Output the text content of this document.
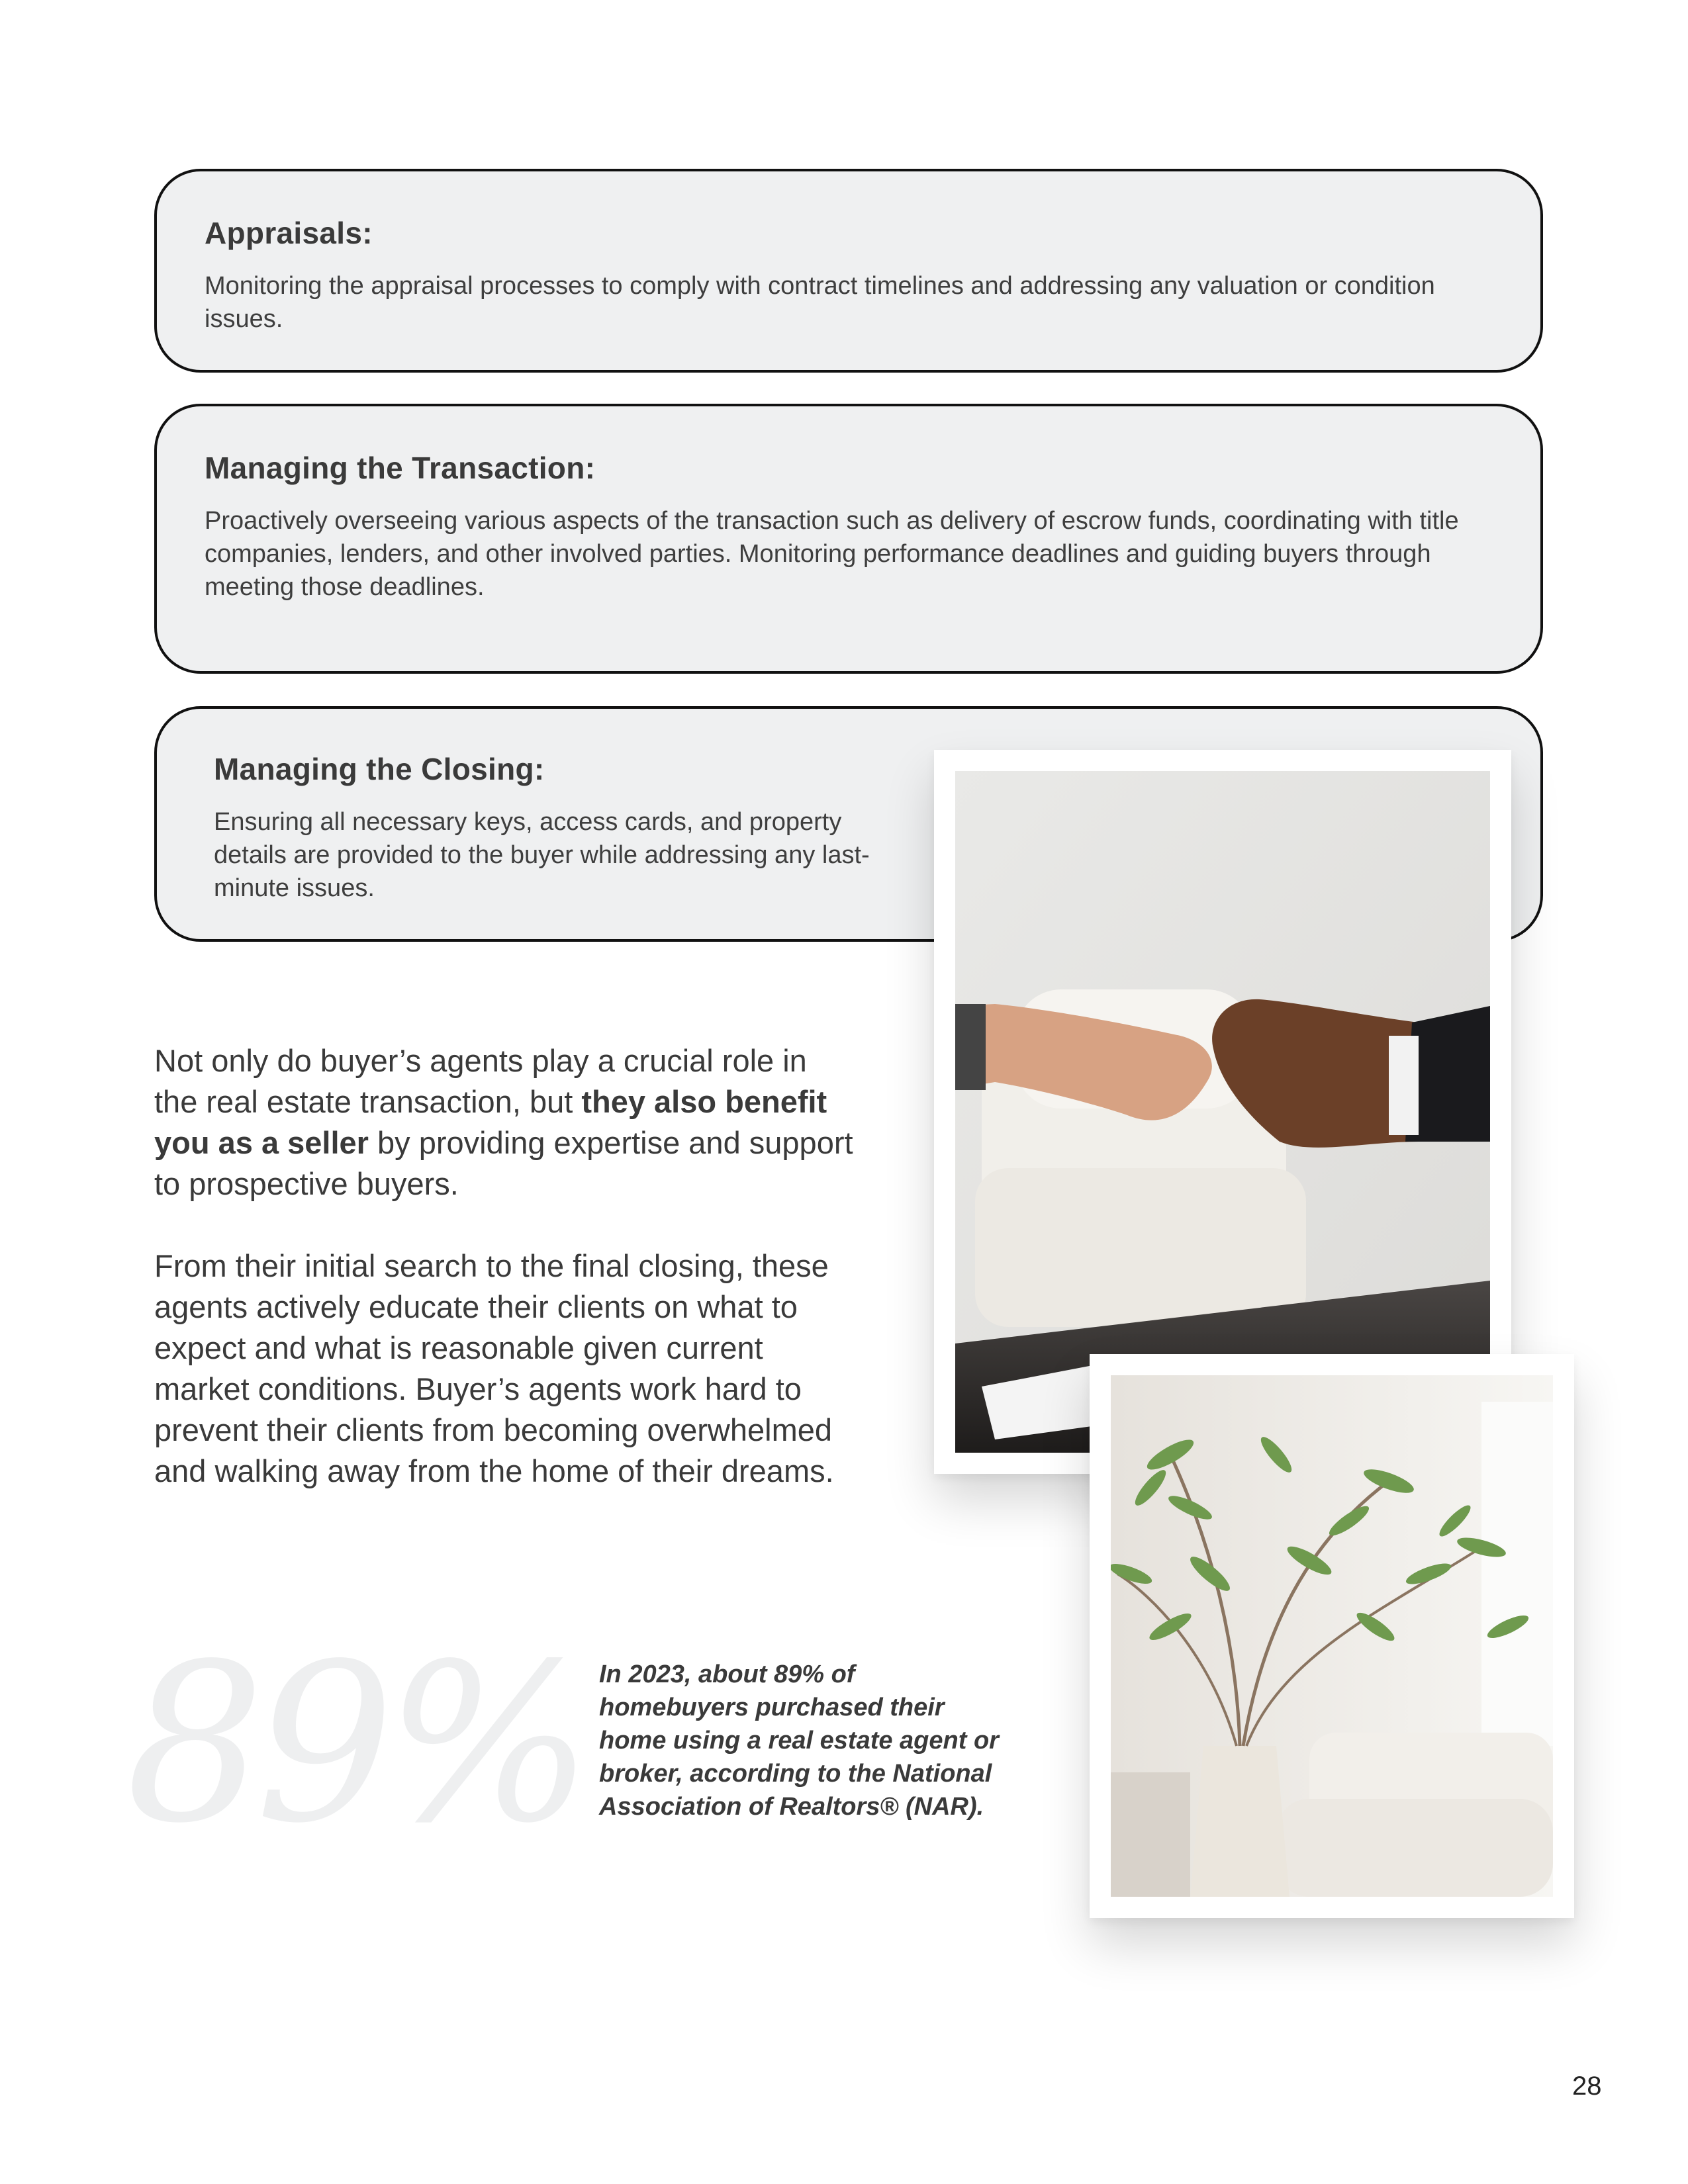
Appraisals:

Monitoring the appraisal processes to comply with contract timelines and addressing any valuation or condition issues.

Managing the Transaction:

Proactively overseeing various aspects of the transaction such as delivery of escrow funds, coordinating with title companies, lenders, and other involved parties. Monitoring performance deadlines and guiding buyers through meeting those deadlines.

Managing the Closing:

Ensuring all necessary keys, access cards, and property details are provided to the buyer while addressing any last-minute issues.

Not only do buyer’s agents play a crucial role in the real estate transaction, but they also benefit you as a seller by providing expertise and support to prospective buyers.

From their initial search to the final closing, these agents actively educate their clients on what to expect and what is reasonable given current market conditions. Buyer’s agents work hard to prevent their clients from becoming overwhelmed and walking away from the home of their dreams.

89% In 2023, about 89% of homebuyers purchased their home using a real estate agent or broker, according to the National Association of Realtors® (NAR).

28
